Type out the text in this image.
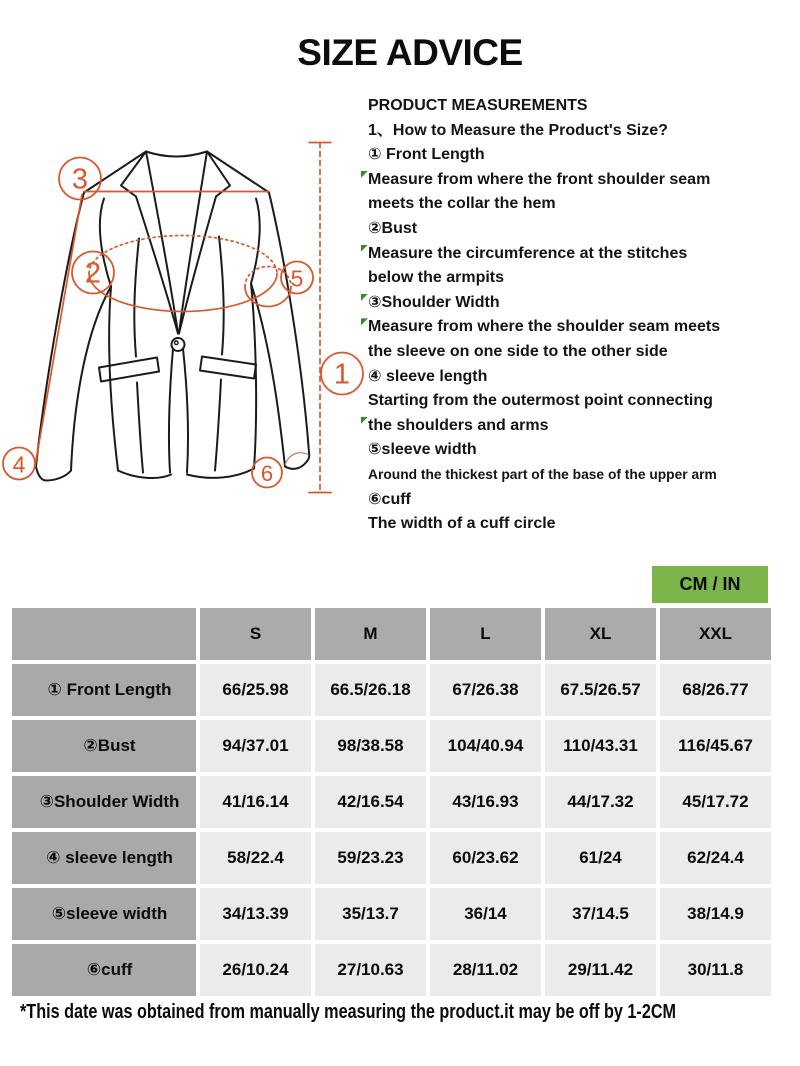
SIZE ADVICE
3
2	5
1
4	6
PRODUCT MEASUREMENTS
1、How to Measure the Product's Size?
① Front Length
Measure from where the front shoulder seam
meets the collar the hem
②Bust
Measure the circumference at the stitches
below the armpits
③Shoulder Width
Measure from where the shoulder seam meets
the sleeve on one side to the other side
④ sleeve length
Starting from the outermost point connecting
the shoulders and arms
⑤sleeve width
Around the thickest part of the base of the upper arm
⑥cuff
The width of a cuff circle
CM / IN
	S	M	L	XL	XXL
① Front Length	66/25.98	66.5/26.18	67/26.38	67.5/26.57	68/26.77
②Bust	94/37.01	98/38.58	104/40.94	110/43.31	116/45.67
③Shoulder Width	41/16.14	42/16.54	43/16.93	44/17.32	45/17.72
④ sleeve length	58/22.4	59/23.23	60/23.62	61/24	62/24.4
⑤sleeve width	34/13.39	35/13.7	36/14	37/14.5	38/14.9
⑥cuff	26/10.24	27/10.63	28/11.02	29/11.42	30/11.8
*This date was obtained from manually measuring the product.it may be off by 1-2CM
